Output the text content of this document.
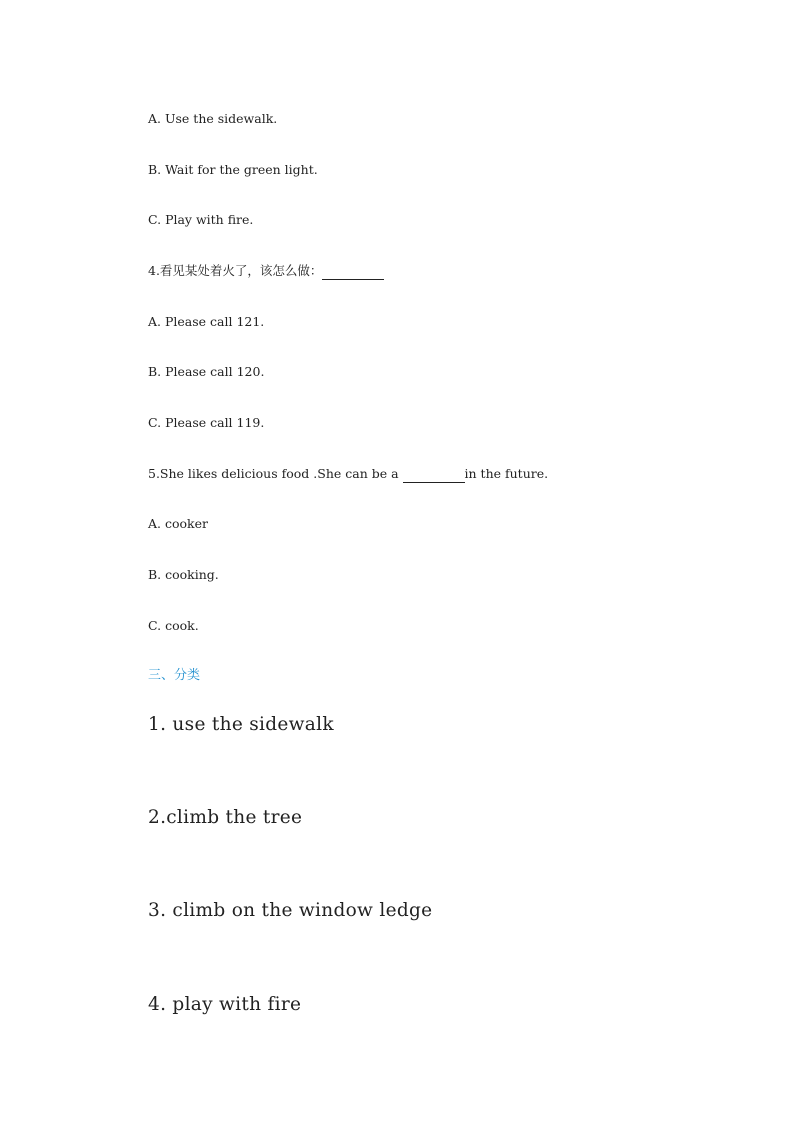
A. Use the sidewalk.
B. Wait for the green light.
C. Play with fire.
4.看见某处着火了，该怎么做：
A. Please call 121.
B. Please call 120.
C. Please call 119.
5.She likes delicious food .She can be a	in the future.
A. cooker
B. cooking.
C. cook.
三、分类
1. use the sidewalk
2.climb the tree
3. climb on the window ledge
4. play with fire
